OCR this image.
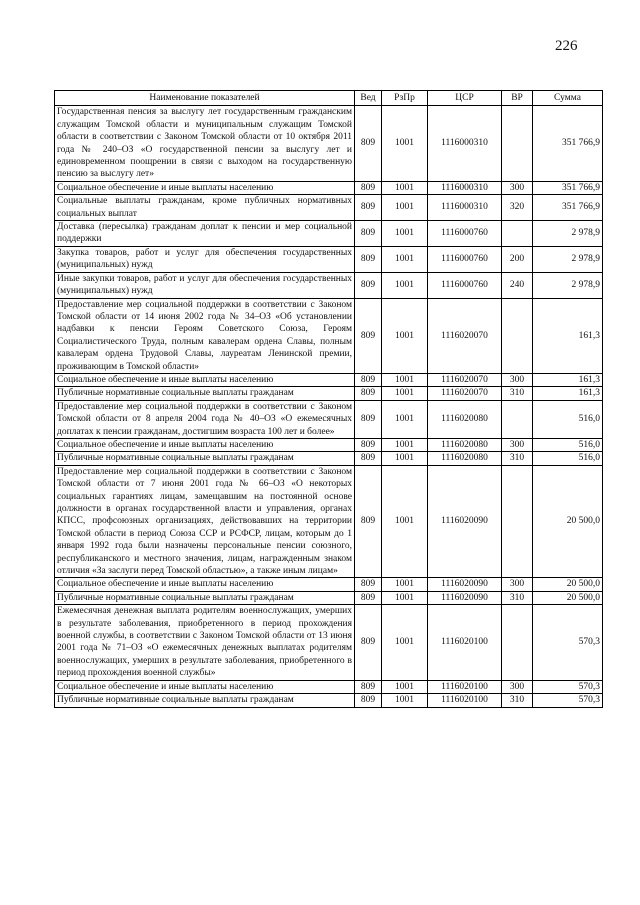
226
Наименование показателей	Вед	РзПр	ЦСР	ВР	Сумма
Государственная пенсия за выслугу лет государственным гражданским служащим Томской области и муниципальным служащим Томской области в соответствии с Законом Томской области от 10 октября 2011 года № 240–ОЗ «О государственной пенсии за выслугу лет и единовременном поощрении в связи с выходом на государственную пенсию за выслугу лет»	809	1001	1116000310		351 766,9
Социальное обеспечение и иные выплаты населению	809	1001	1116000310	300	351 766,9
Социальные выплаты гражданам, кроме публичных нормативных социальных выплат	809	1001	1116000310	320	351 766,9
Доставка (пересылка) гражданам доплат к пенсии и мер социальной поддержки	809	1001	1116000760		2 978,9
Закупка товаров, работ и услуг для обеспечения государственных (муниципальных) нужд	809	1001	1116000760	200	2 978,9
Иные закупки товаров, работ и услуг для обеспечения государственных (муниципальных) нужд	809	1001	1116000760	240	2 978,9
Предоставление мер социальной поддержки в соответствии с Законом Томской области от 14 июня 2002 года № 34–ОЗ «Об установлении надбавки к пенсии Героям Советского Союза, Героям Социалистического Труда, полным кавалерам ордена Славы, полным кавалерам ордена Трудовой Славы, лауреатам Ленинской премии, проживающим в Томской области»	809	1001	1116020070		161,3
Социальное обеспечение и иные выплаты населению	809	1001	1116020070	300	161,3
Публичные нормативные социальные выплаты гражданам	809	1001	1116020070	310	161,3
Предоставление мер социальной поддержки в соответствии с Законом Томской области от 8 апреля 2004 года № 40–ОЗ «О ежемесячных доплатах к пенсии гражданам, достигшим возраста 100 лет и более»	809	1001	1116020080		516,0
Социальное обеспечение и иные выплаты населению	809	1001	1116020080	300	516,0
Публичные нормативные социальные выплаты гражданам	809	1001	1116020080	310	516,0
Предоставление мер социальной поддержки в соответствии с Законом Томской области от 7 июня 2001 года № 66–ОЗ «О некоторых социальных гарантиях лицам, замещавшим на постоянной основе должности в органах государственной власти и управления, органах КПСС, профсоюзных организациях, действовавших на территории Томской области в период Союза ССР и РСФСР, лицам, которым до 1 января 1992 года были назначены персональные пенсии союзного, республиканского и местного значения, лицам, награжденным знаком отличия «За заслуги перед Томской областью», а также иным лицам»	809	1001	1116020090		20 500,0
Социальное обеспечение и иные выплаты населению	809	1001	1116020090	300	20 500,0
Публичные нормативные социальные выплаты гражданам	809	1001	1116020090	310	20 500,0
Ежемесячная денежная выплата родителям военнослужащих, умерших в результате заболевания, приобретенного в период прохождения военной службы, в соответствии с Законом Томской области от 13 июня 2001 года № 71–ОЗ «О ежемесячных денежных выплатах родителям военнослужащих, умерших в результате заболевания, приобретенного в период прохождения военной службы»	809	1001	1116020100		570,3
Социальное обеспечение и иные выплаты населению	809	1001	1116020100	300	570,3
Публичные нормативные социальные выплаты гражданам	809	1001	1116020100	310	570,3
